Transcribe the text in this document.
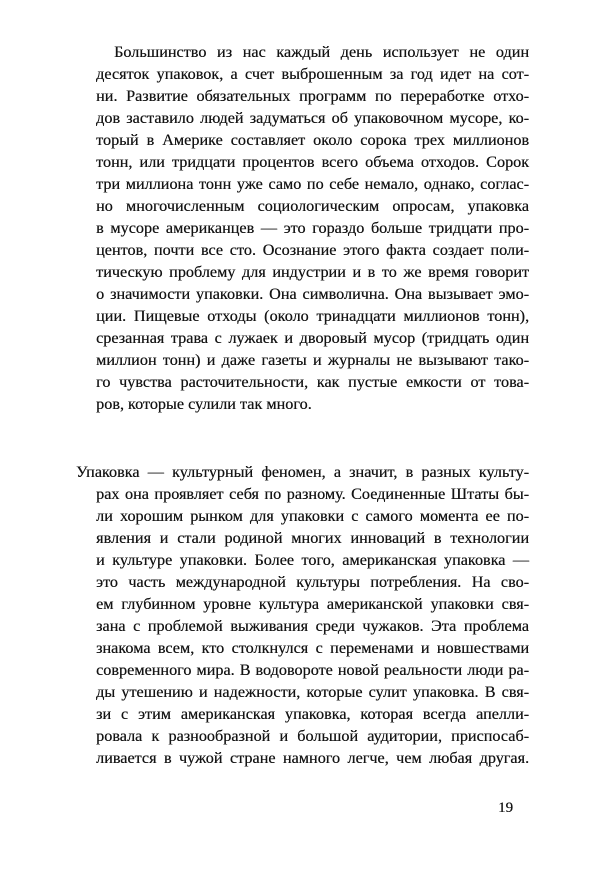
Большинство из нас каждый день использует не один
десяток упаковок, а счет выброшенным за год идет на сот-
ни. Развитие обязательных программ по переработке отхо-
дов заставило людей задуматься об упаковочном мусоре, ко-
торый в Америке составляет около сорока трех миллионов
тонн, или тридцати процентов всего объема отходов. Сорок
три миллиона тонн уже само по себе немало, однако, соглас-
но многочисленным социологическим опросам, упаковка
в мусоре американцев — это гораздо больше тридцати про-
центов, почти все сто. Осознание этого факта создает поли-
тическую проблему для индустрии и в то же время говорит
о значимости упаковки. Она символична. Она вызывает эмо-
ции. Пищевые отходы (около тринадцати миллионов тонн),
срезанная трава с лужаек и дворовый мусор (тридцать один
миллион тонн) и даже газеты и журналы не вызывают тако-
го чувства расточительности, как пустые емкости от това-
ров, которые сулили так много.
Упаковка — культурный феномен, а значит, в разных культу-
рах она проявляет себя по разному. Соединенные Штаты бы-
ли хорошим рынком для упаковки с самого момента ее по-
явления и стали родиной многих инноваций в технологии
и культуре упаковки. Более того, американская упаковка —
это часть международной культуры потребления. На сво-
ем глубинном уровне культура американской упаковки свя-
зана с проблемой выживания среди чужаков. Эта проблема
знакома всем, кто столкнулся с переменами и новшествами
современного мира. В водовороте новой реальности люди ра-
ды утешению и надежности, которые сулит упаковка. В свя-
зи с этим американская упаковка, которая всегда апелли-
ровала к разнообразной и большой аудитории, приспосаб-
ливается в чужой стране намного легче, чем любая другая.
19
